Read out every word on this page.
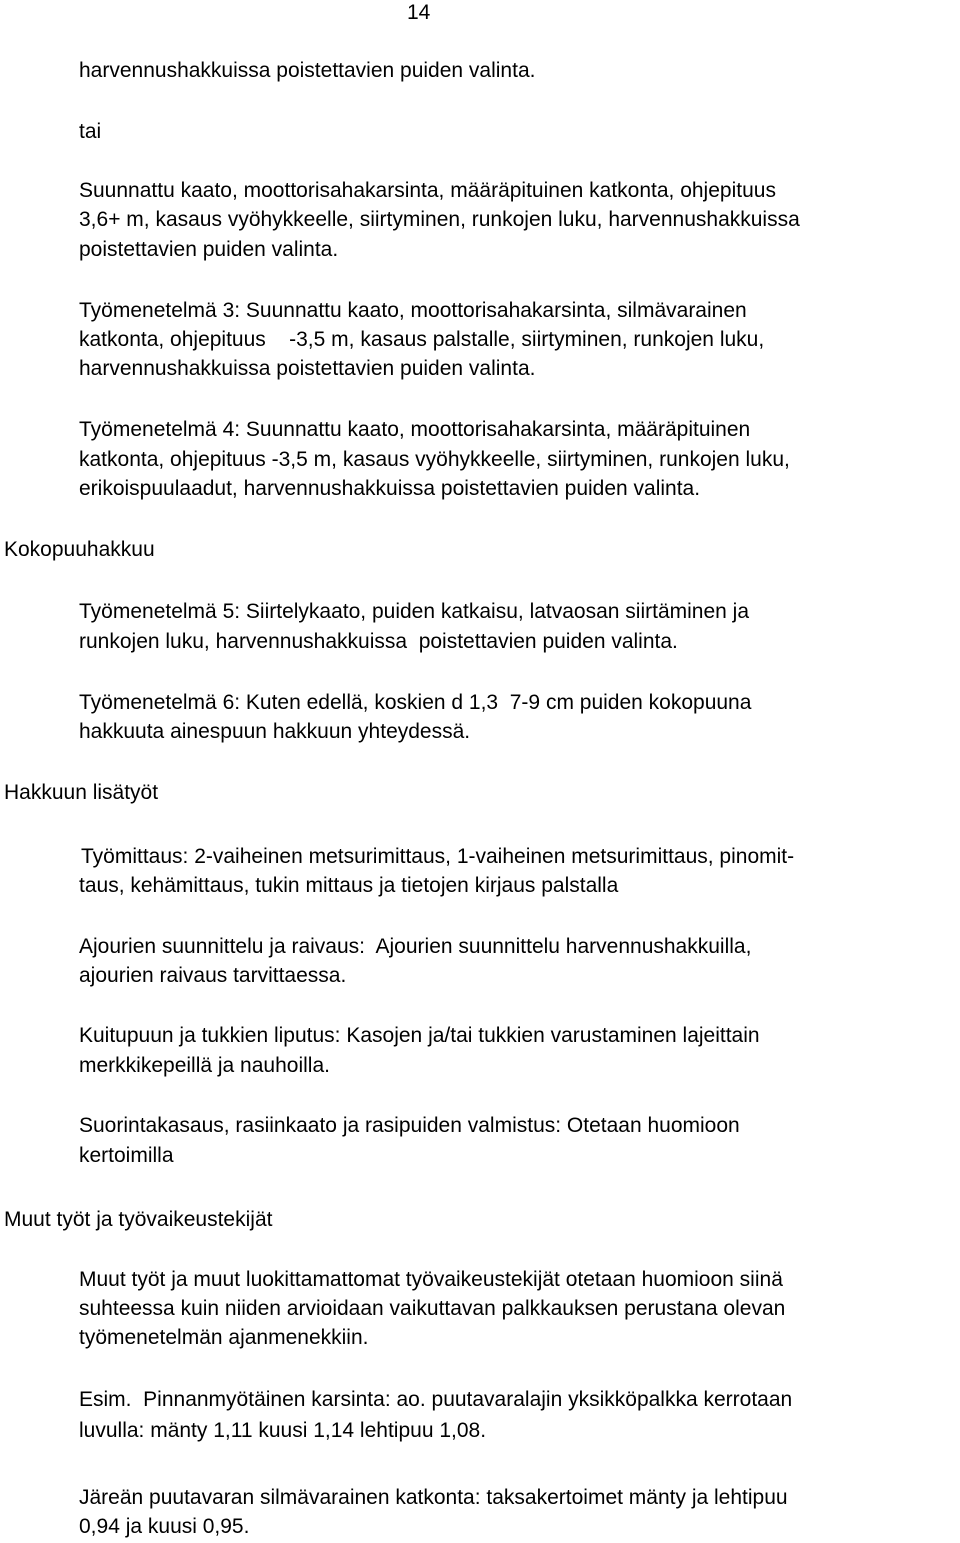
14
harvennushakkuissa poistettavien puiden valinta.
tai
Suunnattu kaato, moottorisahakarsinta, määräpituinen katkonta, ohjepituus
3,6+ m, kasaus vyöhykkeelle, siirtyminen, runkojen luku, harvennushakkuissa
poistettavien puiden valinta.
Työmenetelmä 3: Suunnattu kaato, moottorisahakarsinta, silmävarainen
katkonta, ohjepituus    -3,5 m, kasaus palstalle, siirtyminen, runkojen luku,
harvennushakkuissa poistettavien puiden valinta.
Työmenetelmä 4: Suunnattu kaato, moottorisahakarsinta, määräpituinen
katkonta, ohjepituus -3,5 m, kasaus vyöhykkeelle, siirtyminen, runkojen luku,
erikoispuulaadut, harvennushakkuissa poistettavien puiden valinta.
Kokopuuhakkuu
Työmenetelmä 5: Siirtelykaato, puiden katkaisu, latvaosan siirtäminen ja
runkojen luku, harvennushakkuissa  poistettavien puiden valinta.
Työmenetelmä 6: Kuten edellä, koskien d 1,3  7-9 cm puiden kokopuuna
hakkuuta ainespuun hakkuun yhteydessä.
Hakkuun lisätyöt
Työmittaus: 2-vaiheinen metsurimittaus, 1-vaiheinen metsurimittaus, pinomit-
taus, kehämittaus, tukin mittaus ja tietojen kirjaus palstalla
Ajourien suunnittelu ja raivaus:  Ajourien suunnittelu harvennushakkuilla,
ajourien raivaus tarvittaessa.
Kuitupuun ja tukkien liputus: Kasojen ja/tai tukkien varustaminen lajeittain
merkkikepeillä ja nauhoilla.
Suorintakasaus, rasiinkaato ja rasipuiden valmistus: Otetaan huomioon
kertoimilla
Muut työt ja työvaikeustekijät
Muut työt ja muut luokittamattomat työvaikeustekijät otetaan huomioon siinä
suhteessa kuin niiden arvioidaan vaikuttavan palkkauksen perustana olevan
työmenetelmän ajanmenekkiin.
Esim.  Pinnanmyötäinen karsinta: ao. puutavaralajin yksikköpalkka kerrotaan
luvulla: mänty 1,11 kuusi 1,14 lehtipuu 1,08.
Järeän puutavaran silmävarainen katkonta: taksakertoimet mänty ja lehtipuu
0,94 ja kuusi 0,95.
